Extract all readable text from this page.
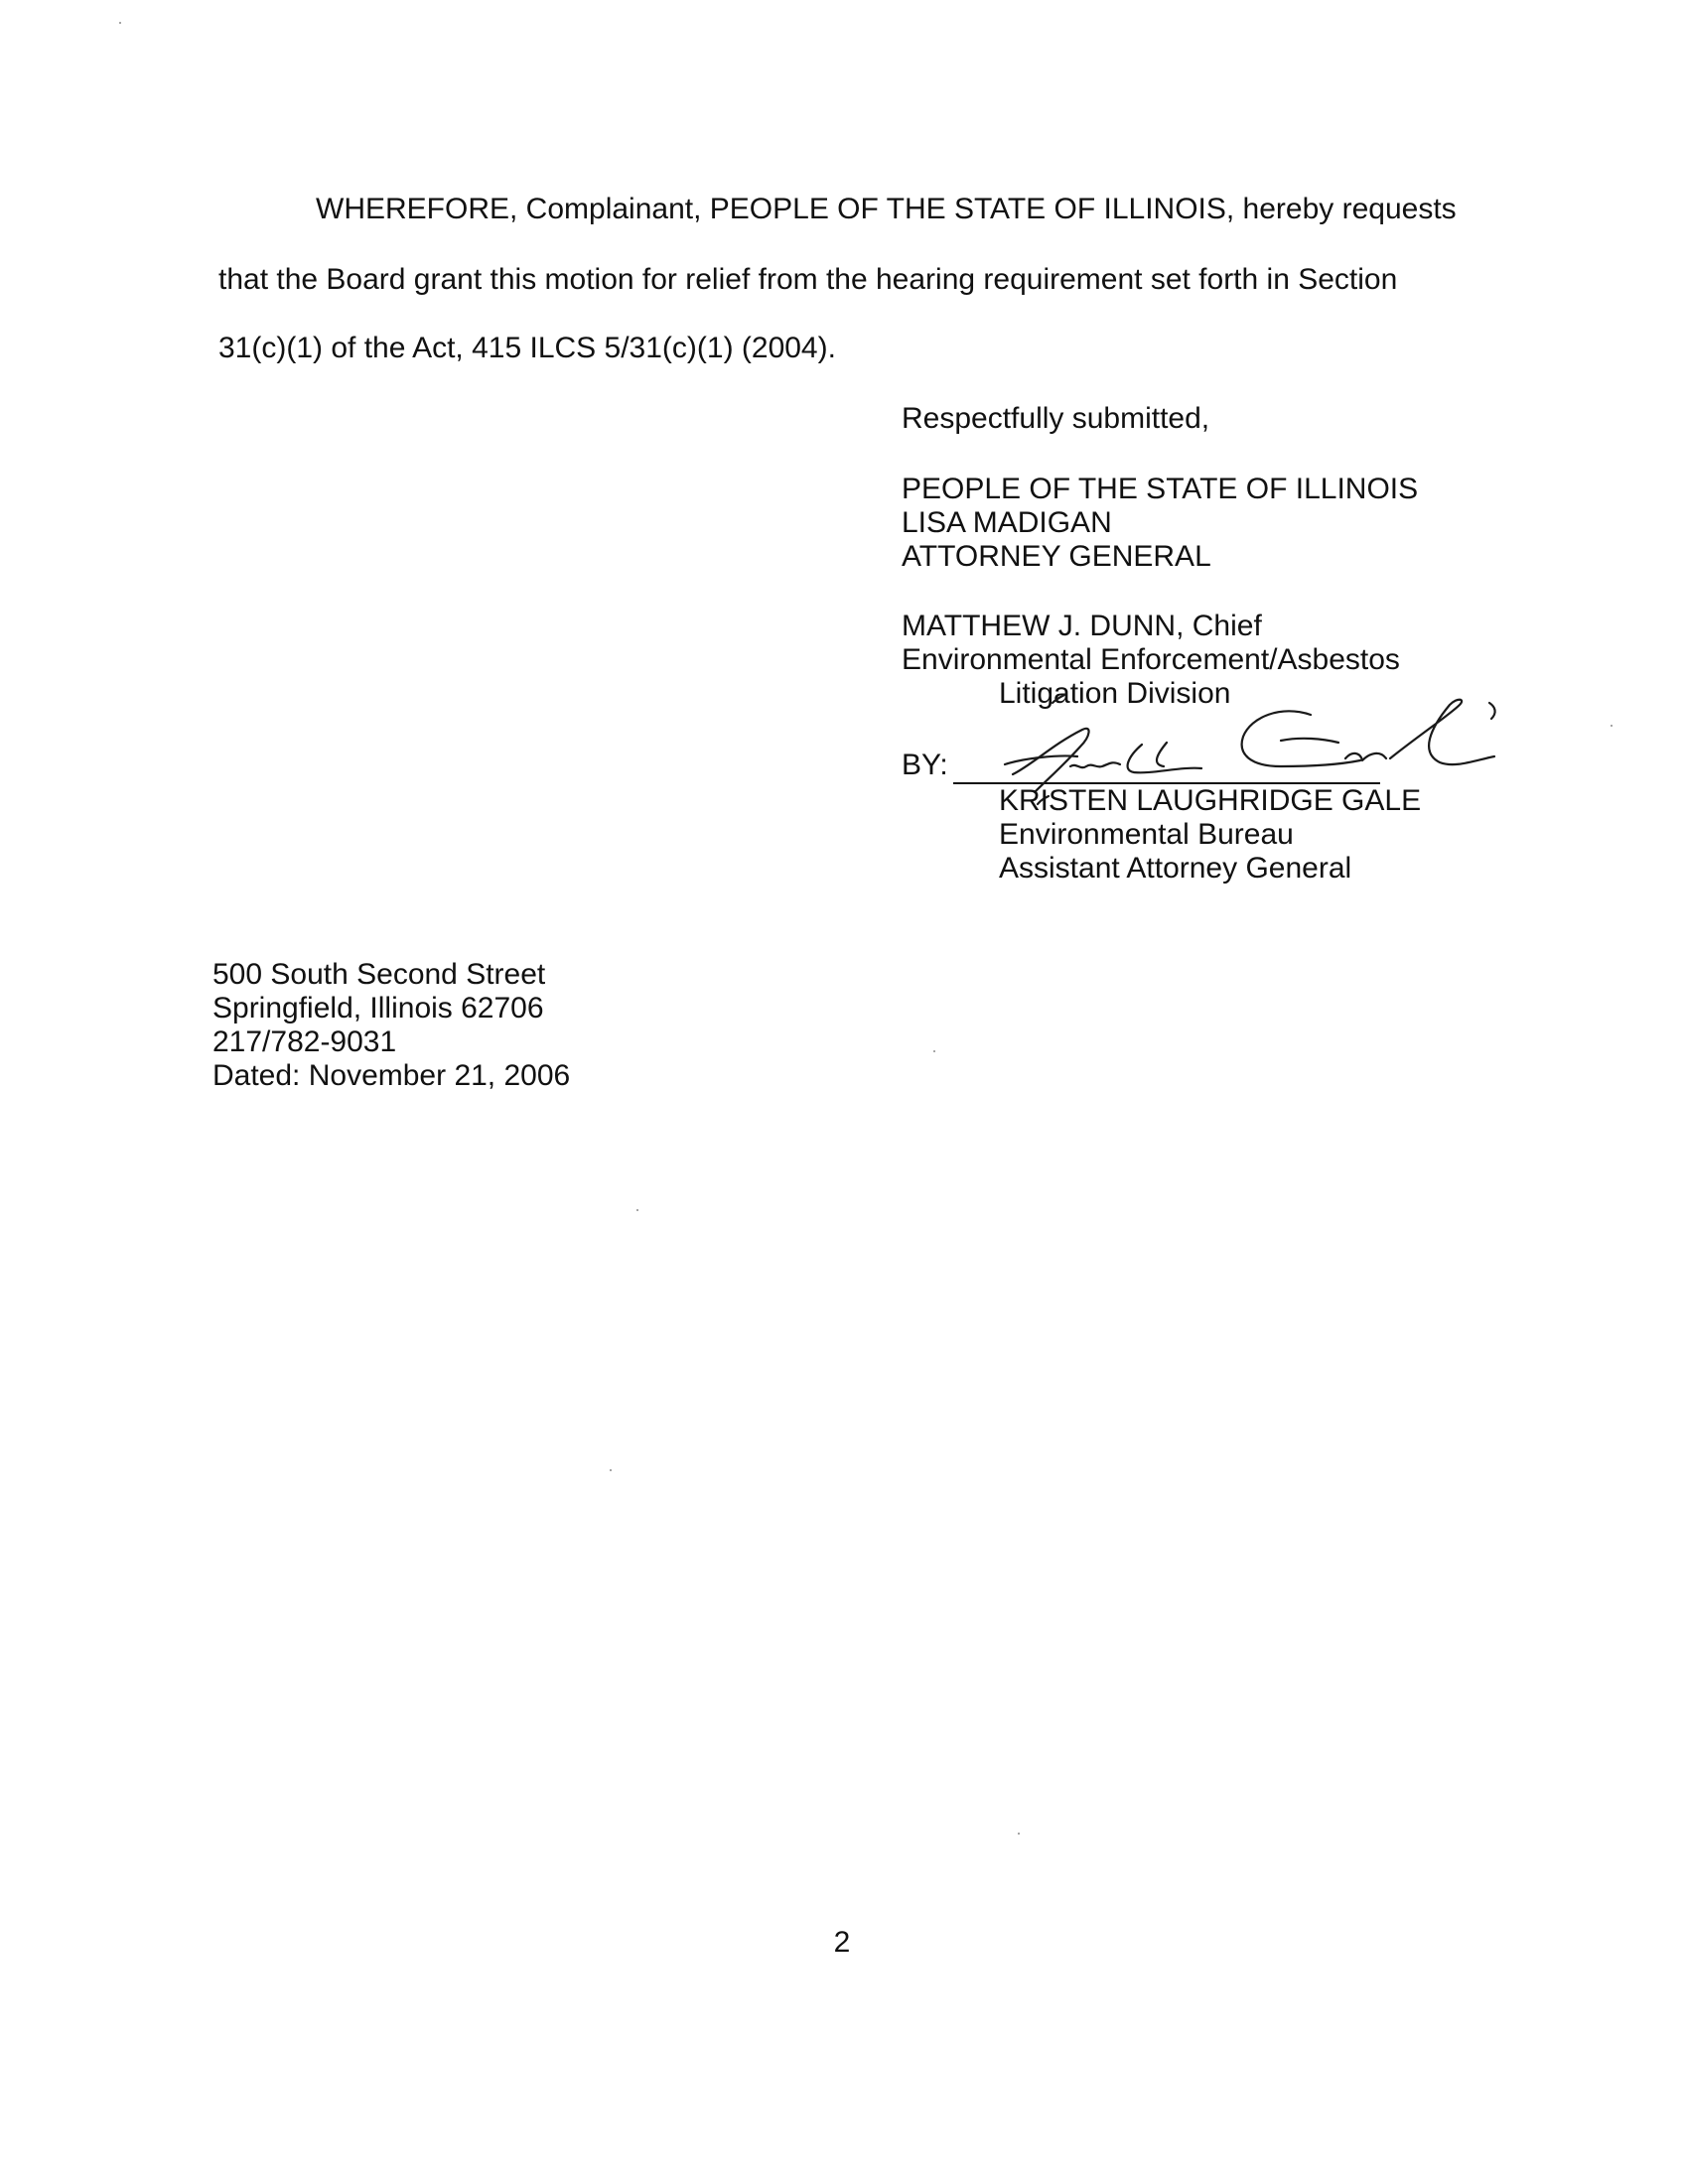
WHEREFORE, Complainant, PEOPLE OF THE STATE OF ILLINOIS, hereby requests
that the Board grant this motion for relief from the hearing requirement set forth in Section
31(c)(1) of the Act, 415 ILCS 5/31(c)(1) (2004).
Respectfully submitted,
PEOPLE OF THE STATE OF ILLINOIS
LISA MADIGAN
ATTORNEY GENERAL
MATTHEW J. DUNN, Chief
Environmental Enforcement/Asbestos
Litigation Division
BY:
KRISTEN LAUGHRIDGE GALE
Environmental Bureau
Assistant Attorney General
500 South Second Street
Springfield, Illinois 62706
217/782-9031
Dated: November 21, 2006
2
